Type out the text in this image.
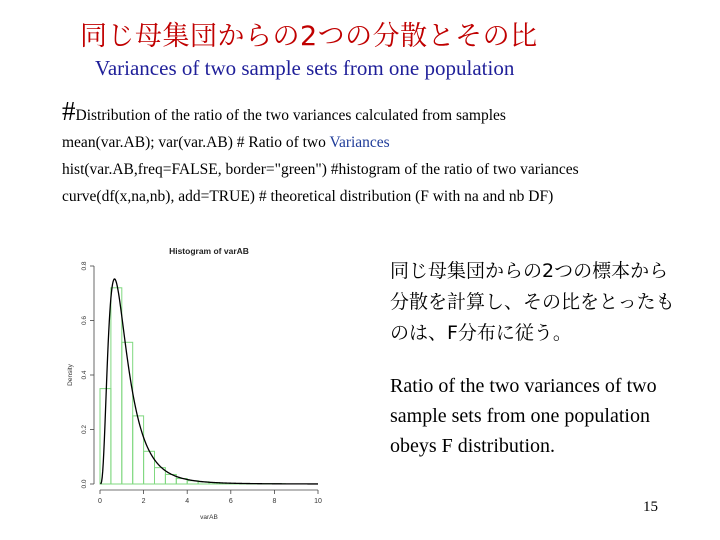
同じ母集団からの2つの分散とその比
Variances of two sample sets from one population
#Distribution of the ratio of the two variances calculated from samples
mean(var.AB); var(var.AB) # Ratio of two Variances
hist(var.AB,freq=FALSE, border="green") #histogram of the ratio of two variances
curve(df(x,na,nb), add=TRUE) # theoretical distribution (F with na and nb DF)
Histogram of varAB
0	2	4	6	8	10
varAB
0.0
0.2
0.4
0.6
0.8
Density
同じ母集団からの2つの標本から分散を計算し、その比をとったものは、F分布に従う。
Ratio of the two variances of two sample sets from one population obeys F distribution.
15
